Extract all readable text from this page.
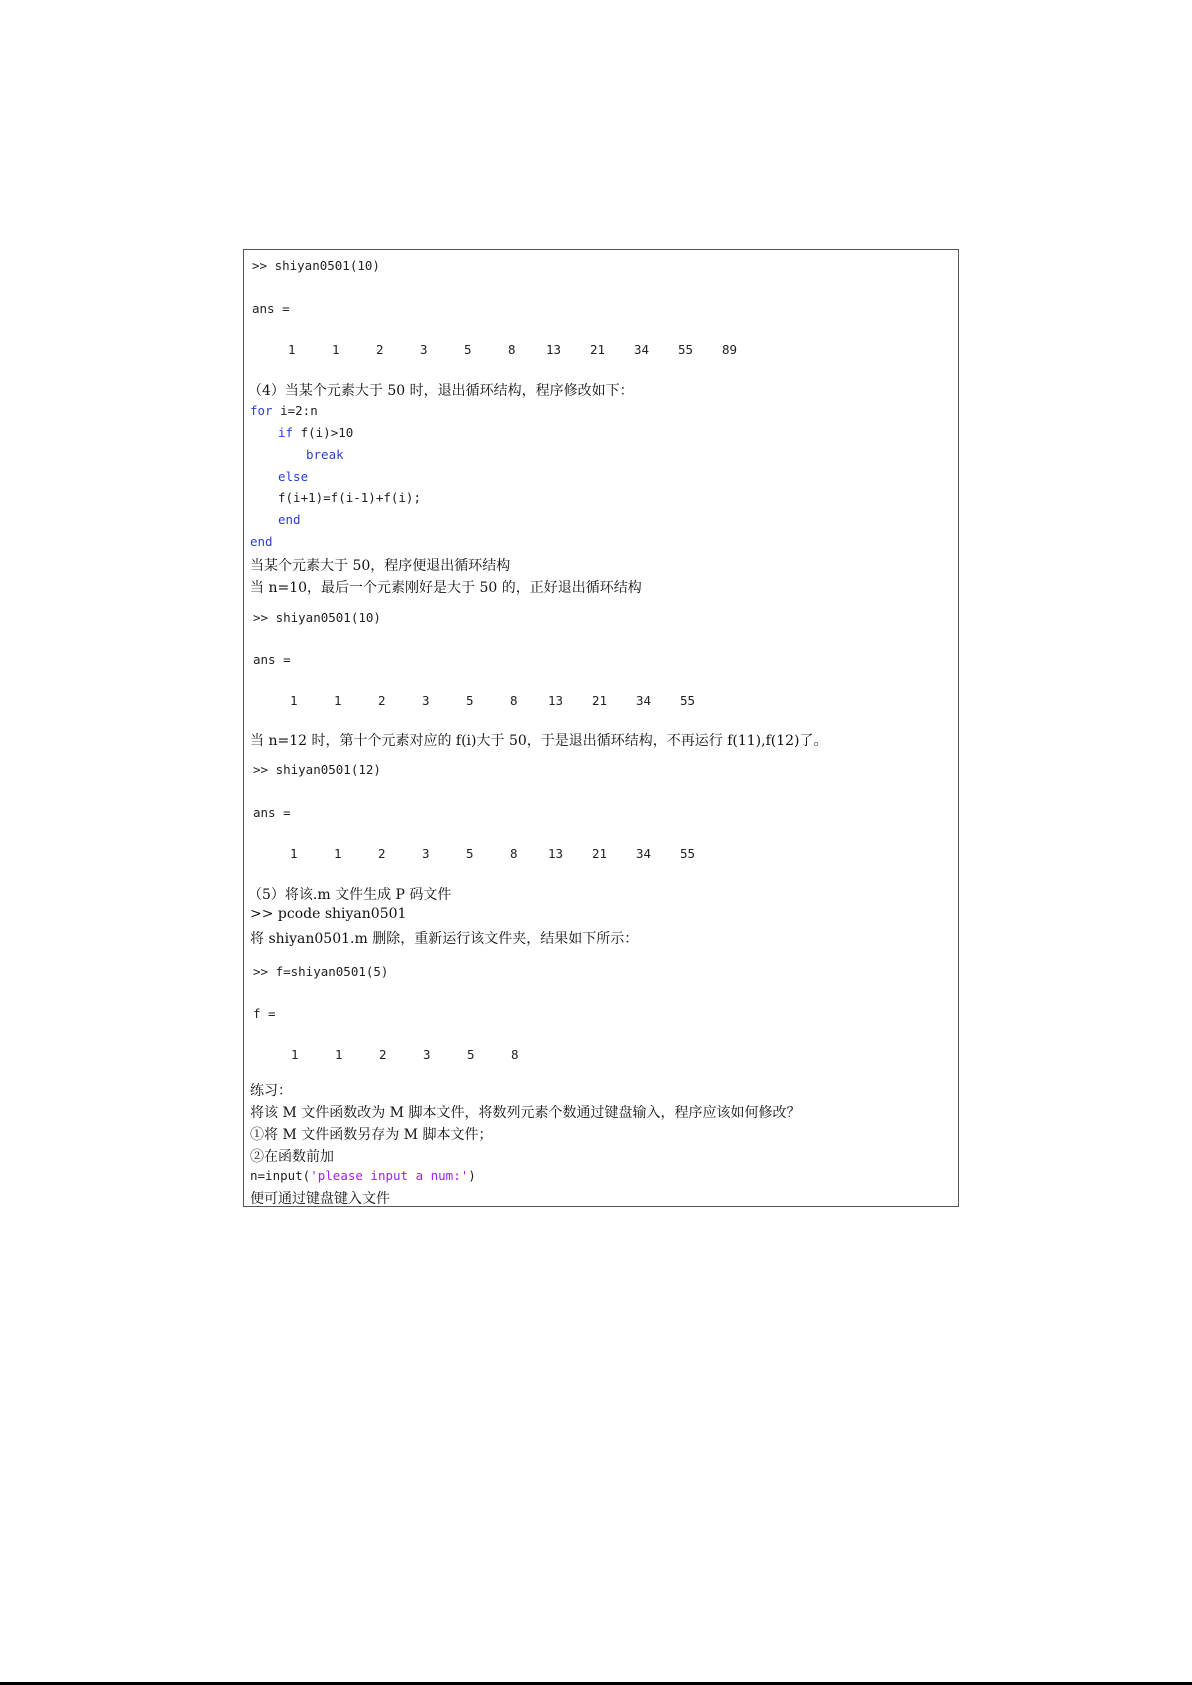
>> shiyan0501(10)
ans =
1	1	2	3	5	8 13 21 34 55 89
（4）当某个元素大于 50 时，退出循环结构，程序修改如下：
for i=2:n
if f(i)>10
break
else
f(i+1)=f(i-1)+f(i);
end
end
当某个元素大于 50，程序便退出循环结构
当 n=10，最后一个元素刚好是大于 50 的，正好退出循环结构
>> shiyan0501(10)
ans =
1	1	2	3	5	8 13 21 34 55
当 n=12 时，第十个元素对应的 f(i)大于 50，于是退出循环结构，不再运行 f(11),f(12)了。
>> shiyan0501(12)
ans =
1	1	2	3	5	8 13 21 34 55
（5）将该.m 文件生成 P 码文件
>> pcode shiyan0501
将 shiyan0501.m 删除，重新运行该文件夹，结果如下所示：
>> f=shiyan0501(5)
f =
1	1	2	3	5	8
练习：
将该 M 文件函数改为 M 脚本文件，将数列元素个数通过键盘输入，程序应该如何修改？
①将 M 文件函数另存为 M 脚本文件；
②在函数前加
n=input('please input a num:')
便可通过键盘键入文件
